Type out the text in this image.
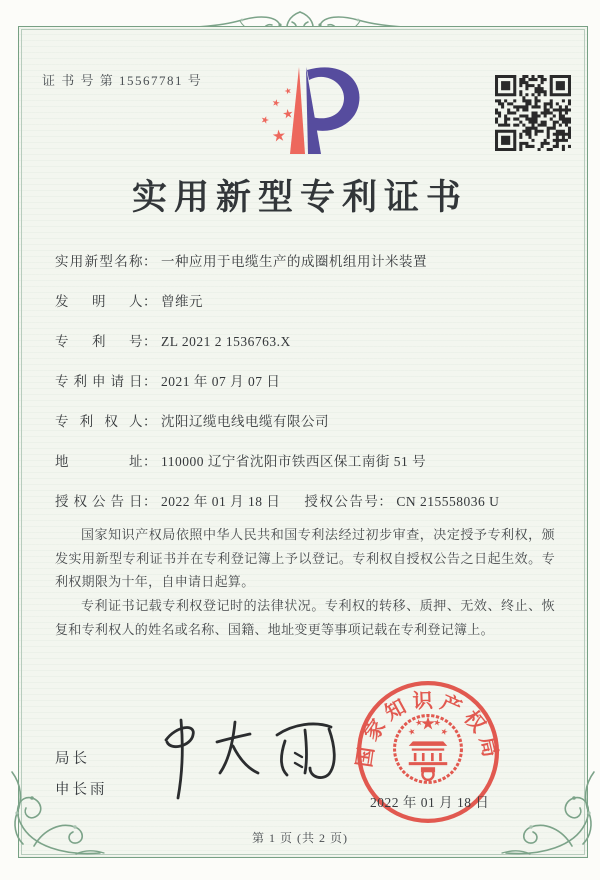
证 书 号 第 15567781 号
实用新型专利证书
实用新型名称 ： 一种应用于电缆生产的成圈机组用计米装置
发明人 ： 曾维元
专利号 ： ZL 2021 2 1536763.X
专利申请日 ： 2021 年 07 月 07 日
专利权人 ： 沈阳辽缆电线电缆有限公司
地址 ： 110000 辽宁省沈阳市铁西区保工南街 51 号
授权公告日 ： 2022 年 01 月 18 日 授权公告号 ： CN 215558036 U

国家知识产权局依照中华人民共和国专利法经过初步审查，决定授予专利权，颁发实用新型专利证书并在专利登记簿上予以登记。专利权自授权公告之日起生效。专利权期限为十年，自申请日起算。

专利证书记载专利权登记时的法律状况。专利权的转移、质押、无效、终止、恢复和专利权人的姓名或名称、国籍、地址变更等事项记载在专利登记簿上。

局长
申长雨
国家知识产权局
2022 年 01 月 18 日
第 1 页 (共 2 页)
